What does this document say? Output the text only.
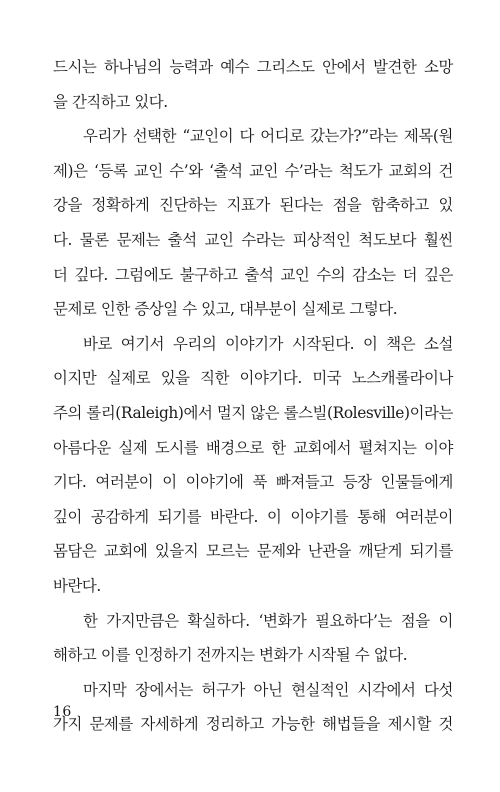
드시는 하나님의 능력과 예수 그리스도 안에서 발견한 소망
을 간직하고 있다.
우리가 선택한 “교인이 다 어디로 갔는가?”라는 제목(원
제)은 ‘등록 교인 수’와 ‘출석 교인 수’라는 척도가 교회의 건
강을 정확하게 진단하는 지표가 된다는 점을 함축하고 있
다. 물론 문제는 출석 교인 수라는 피상적인 척도보다 훨씬
더 깊다. 그럼에도 불구하고 출석 교인 수의 감소는 더 깊은
문제로 인한 증상일 수 있고, 대부분이 실제로 그렇다.
바로 여기서 우리의 이야기가 시작된다. 이 책은 소설
이지만 실제로 있을 직한 이야기다. 미국 노스캐롤라이나
주의 롤리(Raleigh)에서 멀지 않은 롤스빌(Rolesville)이라는
아름다운 실제 도시를 배경으로 한 교회에서 펼쳐지는 이야
기다. 여러분이 이 이야기에 푹 빠져들고 등장 인물들에게
깊이 공감하게 되기를 바란다. 이 이야기를 통해 여러분이
몸담은 교회에 있을지 모르는 문제와 난관을 깨닫게 되기를
바란다.
한 가지만큼은 확실하다. ‘변화가 필요하다’는 점을 이
해하고 이를 인정하기 전까지는 변화가 시작될 수 없다.
마지막 장에서는 허구가 아닌 현실적인 시각에서 다섯
가지 문제를 자세하게 정리하고 가능한 해법들을 제시할 것
16
